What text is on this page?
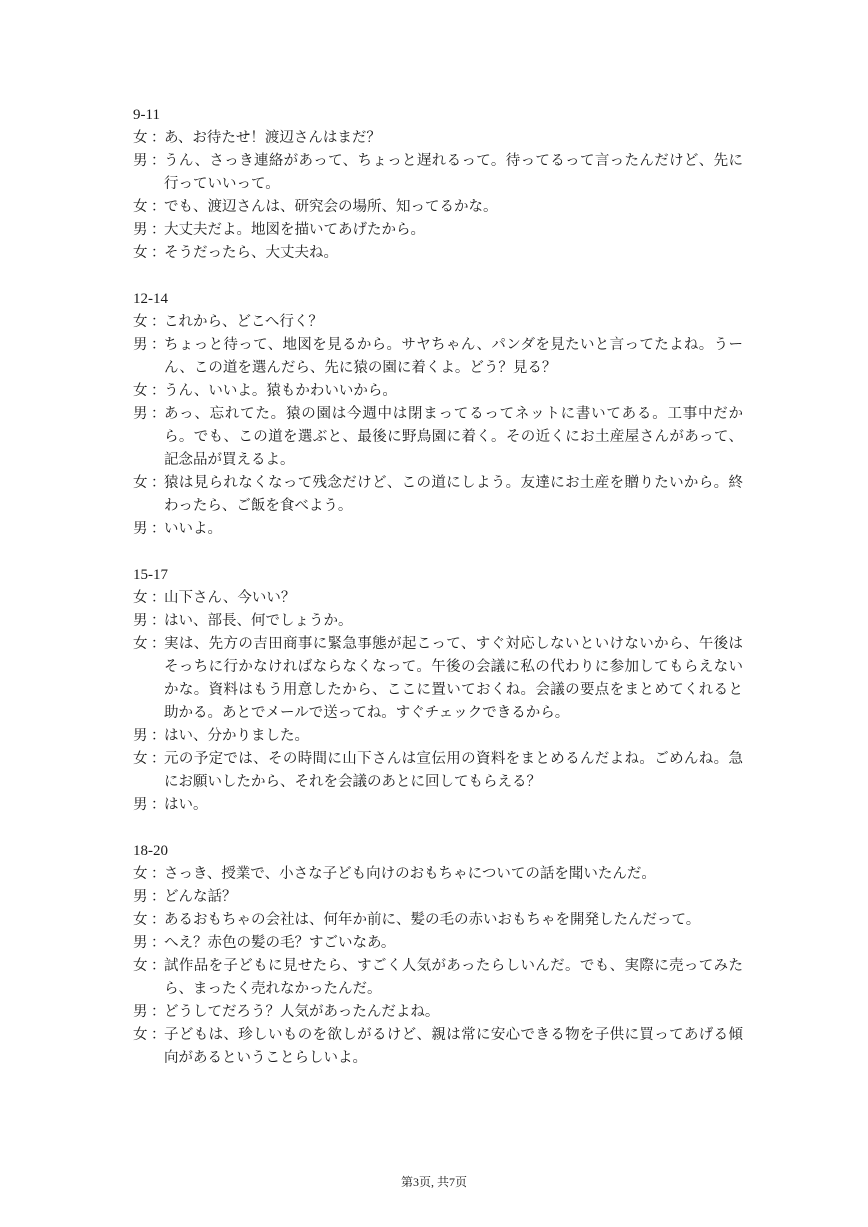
9-11
女 ：
あ、お待たせ！渡辺さんはまだ？
男 ：
うん、さっき連絡があって、ちょっと遅れるって。待ってるって言ったんだけど、先に行っていいって。
女 ：
でも、渡辺さんは、研究会の場所、知ってるかな。
男 ：
大丈夫だよ。地図を描いてあげたから。
女 ：
そうだったら、大丈夫ね。
12-14
女 ：
これから、どこへ行く？
男 ：
ちょっと待って、地図を見るから。サヤちゃん、パンダを見たいと言ってたよね。うーん、この道を選んだら、先に猿の園に着くよ。どう？見る？
女 ：
うん、いいよ。猿もかわいいから。
男 ：
あっ、忘れてた。猿の園は今週中は閉まってるってネットに書いてある。工事中だから。でも、この道を選ぶと、最後に野鳥園に着く。その近くにお土産屋さんがあって、記念品が買えるよ。
女 ：
猿は見られなくなって残念だけど、この道にしよう。友達にお土産を贈りたいから。終わったら、ご飯を食べよう。
男 ：
いいよ。
15-17
女 ：
山下さん、今いい？
男 ：
はい、部長、何でしょうか。
女 ：
実は、先方の吉田商事に緊急事態が起こって、すぐ対応しないといけないから、午後はそっちに行かなければならなくなって。午後の会議に私の代わりに参加してもらえないかな。資料はもう用意したから、ここに置いておくね。会議の要点をまとめてくれると助かる。あとでメールで送ってね。すぐチェックできるから。
男 ：
はい、分かりました。
女 ：
元の予定では、その時間に山下さんは宣伝用の資料をまとめるんだよね。ごめんね。急にお願いしたから、それを会議のあとに回してもらえる？
男 ：
はい。
18-20
女 ：
さっき、授業で、小さな子ども向けのおもちゃについての話を聞いたんだ。
男 ：
どんな話？
女 ：
あるおもちゃの会社は、何年か前に、髪の毛の赤いおもちゃを開発したんだって。
男 ：
へえ？赤色の髪の毛？すごいなあ。
女 ：
試作品を子どもに見せたら、すごく人気があったらしいんだ。でも、実際に売ってみたら、まったく売れなかったんだ。
男 ：
どうしてだろう？人気があったんだよね。
女 ：
子どもは、珍しいものを欲しがるけど、親は常に安心できる物を子供に買ってあげる傾向があるということらしいよ。
第3页, 共7页
